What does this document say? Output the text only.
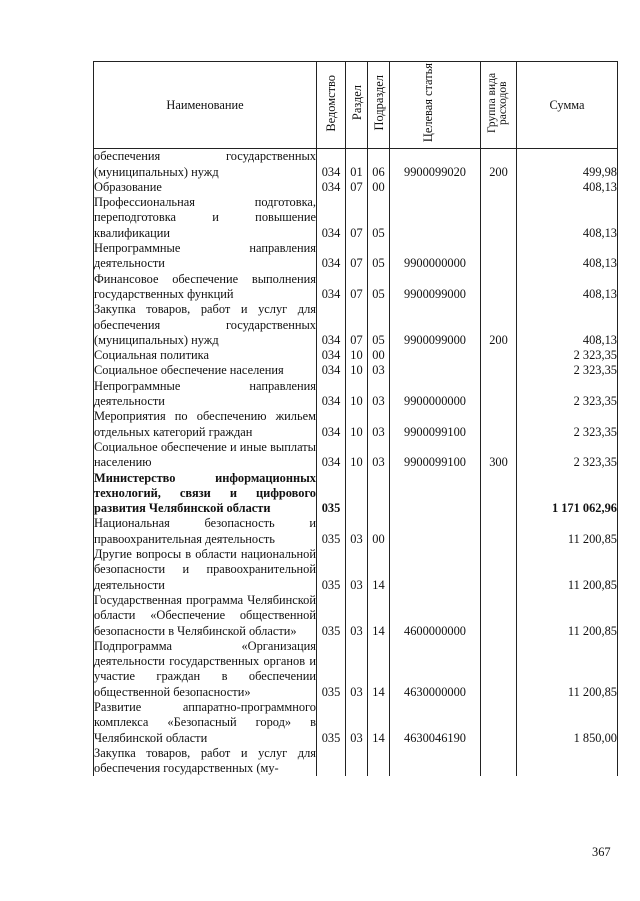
Наименование	Ведомство	Раздел	Подраздел	Целевая статья	Группа вида расходов	Сумма
обеспечения государственных (муниципальных) нужд	034	01	06	9900099020	200	499,98
Образование	034	07	00			408,13
Профессиональная подготовка, переподготовка и повышение квалификации	034	07	05			408,13
Непрограммные направления деятельности	034	07	05	9900000000		408,13
Финансовое обеспечение выполнения государственных функций	034	07	05	9900099000		408,13
Закупка товаров, работ и услуг для обеспечения государственных (муниципальных) нужд	034	07	05	9900099000	200	408,13
Социальная политика	034	10	00			2 323,35
Социальное обеспечение населения	034	10	03			2 323,35
Непрограммные направления деятельности	034	10	03	9900000000		2 323,35
Мероприятия по обеспечению жильем отдельных категорий граждан	034	10	03	9900099100		2 323,35
Социальное обеспечение и иные выплаты населению	034	10	03	9900099100	300	2 323,35
Министерство информационных технологий, связи и цифрового развития Челябинской области	035					1 171 062,96
Национальная безопасность и правоохранительная деятельность	035	03	00			11 200,85
Другие вопросы в области национальной безопасности и правоохранительной деятельности	035	03	14			11 200,85
Государственная программа Челябинской области «Обеспечение общественной безопасности в Челябинской области»	035	03	14	4600000000		11 200,85
Подпрограмма «Организация деятельности государственных органов и участие граждан в обеспечении общественной безопасности»	035	03	14	4630000000		11 200,85
Развитие аппаратно-программного комплекса «Безопасный город» в Челябинской области	035	03	14	4630046190		1 850,00
Закупка товаров, работ и услуг для обеспечения государственных (му-						
367
